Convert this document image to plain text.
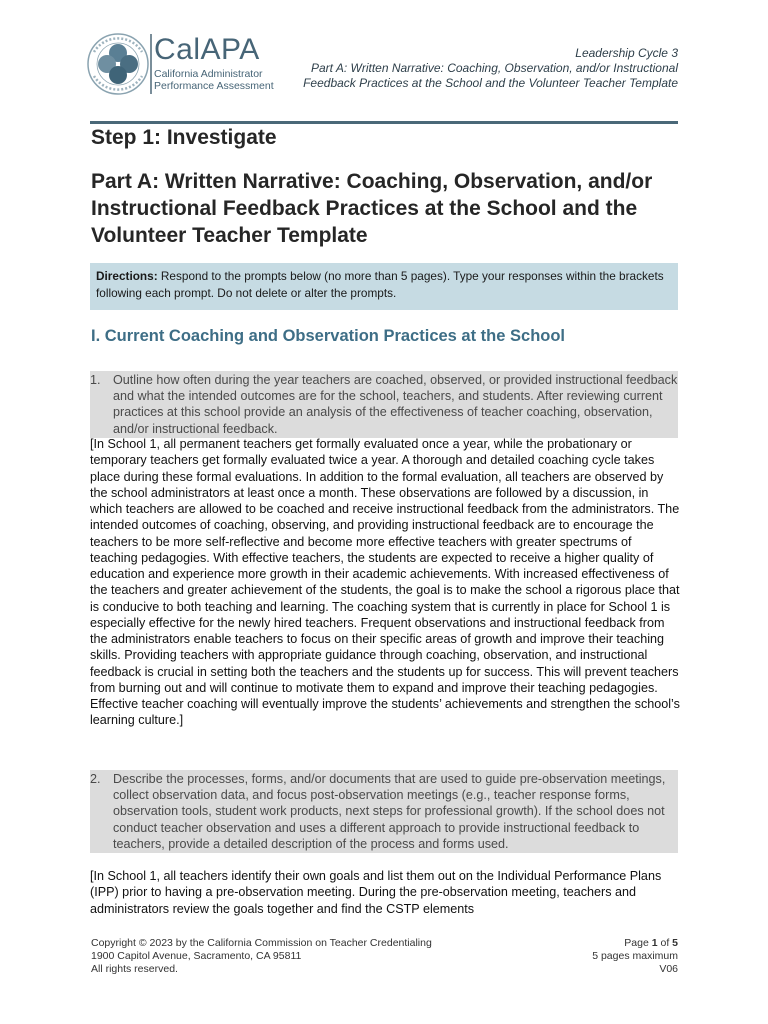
CalAPA
California Administrator
Performance Assessment
Leadership Cycle 3
Part A: Written Narrative: Coaching, Observation, and/or Instructional
Feedback Practices at the School and the Volunteer Teacher Template
Step 1: Investigate
Part A: Written Narrative: Coaching, Observation, and/or Instructional Feedback Practices at the School and the Volunteer Teacher Template
Directions: Respond to the prompts below (no more than 5 pages). Type your responses within the brackets following each prompt. Do not delete or alter the prompts.
I. Current Coaching and Observation Practices at the School
1. Outline how often during the year teachers are coached, observed, or provided instructional feedback and what the intended outcomes are for the school, teachers, and students. After reviewing current practices at this school provide an analysis of the effectiveness of teacher coaching, observation, and/or instructional feedback.
[In School 1, all permanent teachers get formally evaluated once a year, while the probationary or temporary teachers get formally evaluated twice a year. A thorough and detailed coaching cycle takes place during these formal evaluations. In addition to the formal evaluation, all teachers are observed by the school administrators at least once a month. These observations are followed by a discussion, in which teachers are allowed to be coached and receive instructional feedback from the administrators. The intended outcomes of coaching, observing, and providing instructional feedback are to encourage the teachers to be more self-reflective and become more effective teachers with greater spectrums of teaching pedagogies. With effective teachers, the students are expected to receive a higher quality of education and experience more growth in their academic achievements. With increased effectiveness of the teachers and greater achievement of the students, the goal is to make the school a rigorous place that is conducive to both teaching and learning. The coaching system that is currently in place for School 1 is especially effective for the newly hired teachers. Frequent observations and instructional feedback from the administrators enable teachers to focus on their specific areas of growth and improve their teaching skills. Providing teachers with appropriate guidance through coaching, observation, and instructional feedback is crucial in setting both the teachers and the students up for success. This will prevent teachers from burning out and will continue to motivate them to expand and improve their teaching pedagogies. Effective teacher coaching will eventually improve the students’ achievements and strengthen the school’s learning culture.]
2. Describe the processes, forms, and/or documents that are used to guide pre-observation meetings, collect observation data, and focus post-observation meetings (e.g., teacher response forms, observation tools, student work products, next steps for professional growth). If the school does not conduct teacher observation and uses a different approach to provide instructional feedback to teachers, provide a detailed description of the process and forms used.
[In School 1, all teachers identify their own goals and list them out on the Individual Performance Plans (IPP) prior to having a pre-observation meeting. During the pre-observation meeting, teachers and administrators review the goals together and find the CSTP elements
Copyright © 2023 by the California Commission on Teacher Credentialing
1900 Capitol Avenue, Sacramento, CA 95811
All rights reserved.
Page 1 of 5
5 pages maximum
V06
